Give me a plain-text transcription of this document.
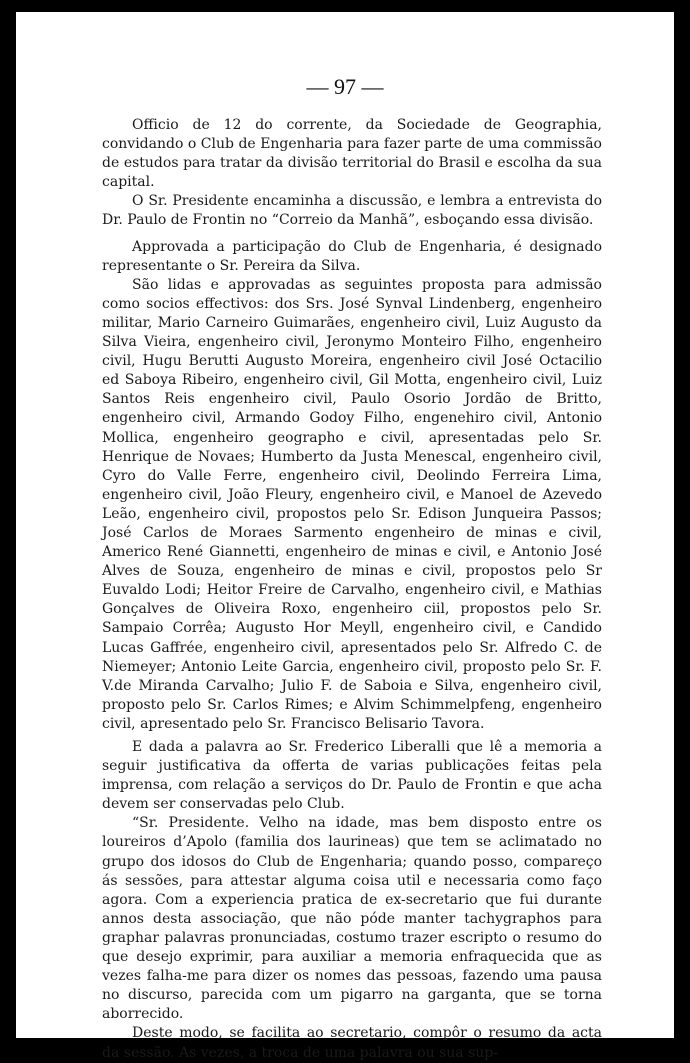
— 97 —

Officio de 12 do corrente, da Sociedade de Geographia, convidando o Club de Engenharia para fazer parte de uma commissão de estudos para tratar da divisão territorial do Brasil e escolha da sua capital.

O Sr. Presidente encaminha a discussão, e lembra a entrevista do Dr. Paulo de Frontin no “Correio da Manhã”, esboçando essa divisão.

Approvada a participação do Club de Engenharia, é designado representante o Sr. Pereira da Silva.

São lidas e approvadas as seguintes proposta para admissão como socios effectivos: dos Srs. José Synval Lindenberg, engenheiro militar, Mario Carneiro Guimarães, engenheiro civil, Luiz Augusto da Silva Vieira, engenheiro civil, Jeronymo Monteiro Filho, engenheiro civil, Hugu Berutti Augusto Moreira, engenheiro civil José Octacilio ed Saboya Ribeiro, engenheiro civil, Gil Motta, engenheiro civil, Luiz Santos Reis engenheiro civil, Paulo Osorio Jordão de Britto, engenheiro civil, Armando Godoy Filho, engenehiro civil, Antonio Mollica, engenheiro geographo e civil, apresentadas pelo Sr. Henrique de Novaes; Humberto da Justa Menescal, engenheiro civil, Cyro do Valle Ferre, engenheiro civil, Deolindo Ferreira Lima, engenheiro civil, João Fleury, engenheiro civil, e Manoel de Azevedo Leão, engenheiro civil, propostos pelo Sr. Edison Junqueira Passos; José Carlos de Moraes Sarmento engenheiro de minas e civil, Americo René Giannetti, engenheiro de minas e civil, e Antonio José Alves de Souza, engenheiro de minas e civil, propostos pelo Sr Euvaldo Lodi; Heitor Freire de Carvalho, engenheiro civil, e Mathias Gonçalves de Oliveira Roxo, engenheiro ciil, propostos pelo Sr. Sampaio Corrêa; Augusto Hor Meyll, engenheiro civil, e Candido Lucas Gaffrée, engenheiro civil, apresentados pelo Sr. Alfredo C. de Niemeyer; Antonio Leite Garcia, engenheiro civil, proposto pelo Sr. F. V.de Miranda Carvalho; Julio F. de Saboia e Silva, engenheiro civil, proposto pelo Sr. Carlos Rimes; e Alvim Schimmelpfeng, engenheiro civil, apresentado pelo Sr. Francisco Belisario Tavora.

E dada a palavra ao Sr. Frederico Liberalli que lê a memoria a seguir justificativa da offerta de varias publicações feitas pela imprensa, com relação a serviços do Dr. Paulo de Frontin e que acha devem ser conservadas pelo Club.

“Sr. Presidente. Velho na idade, mas bem disposto entre os loureiros d’Apolo (familia dos laurineas) que tem se aclimatado no grupo dos idosos do Club de Engenharia; quando posso, compareço ás sessões, para attestar alguma coisa util e necessaria como faço agora. Com a experiencia pratica de ex-secretario que fui durante annos desta associação, que não póde manter tachygraphos para graphar palavras pronunciadas, costumo trazer escripto o resumo do que desejo exprimir, para auxiliar a memoria enfraquecida que as vezes falha-me para dizer os nomes das pessoas, fazendo uma pausa no discurso, parecida com um pigarro na garganta, que se torna aborrecido.

Deste modo, se facilita ao secretario, compôr o resumo da acta da sessão. As vezes, a troca de uma palavra ou sua sup-
